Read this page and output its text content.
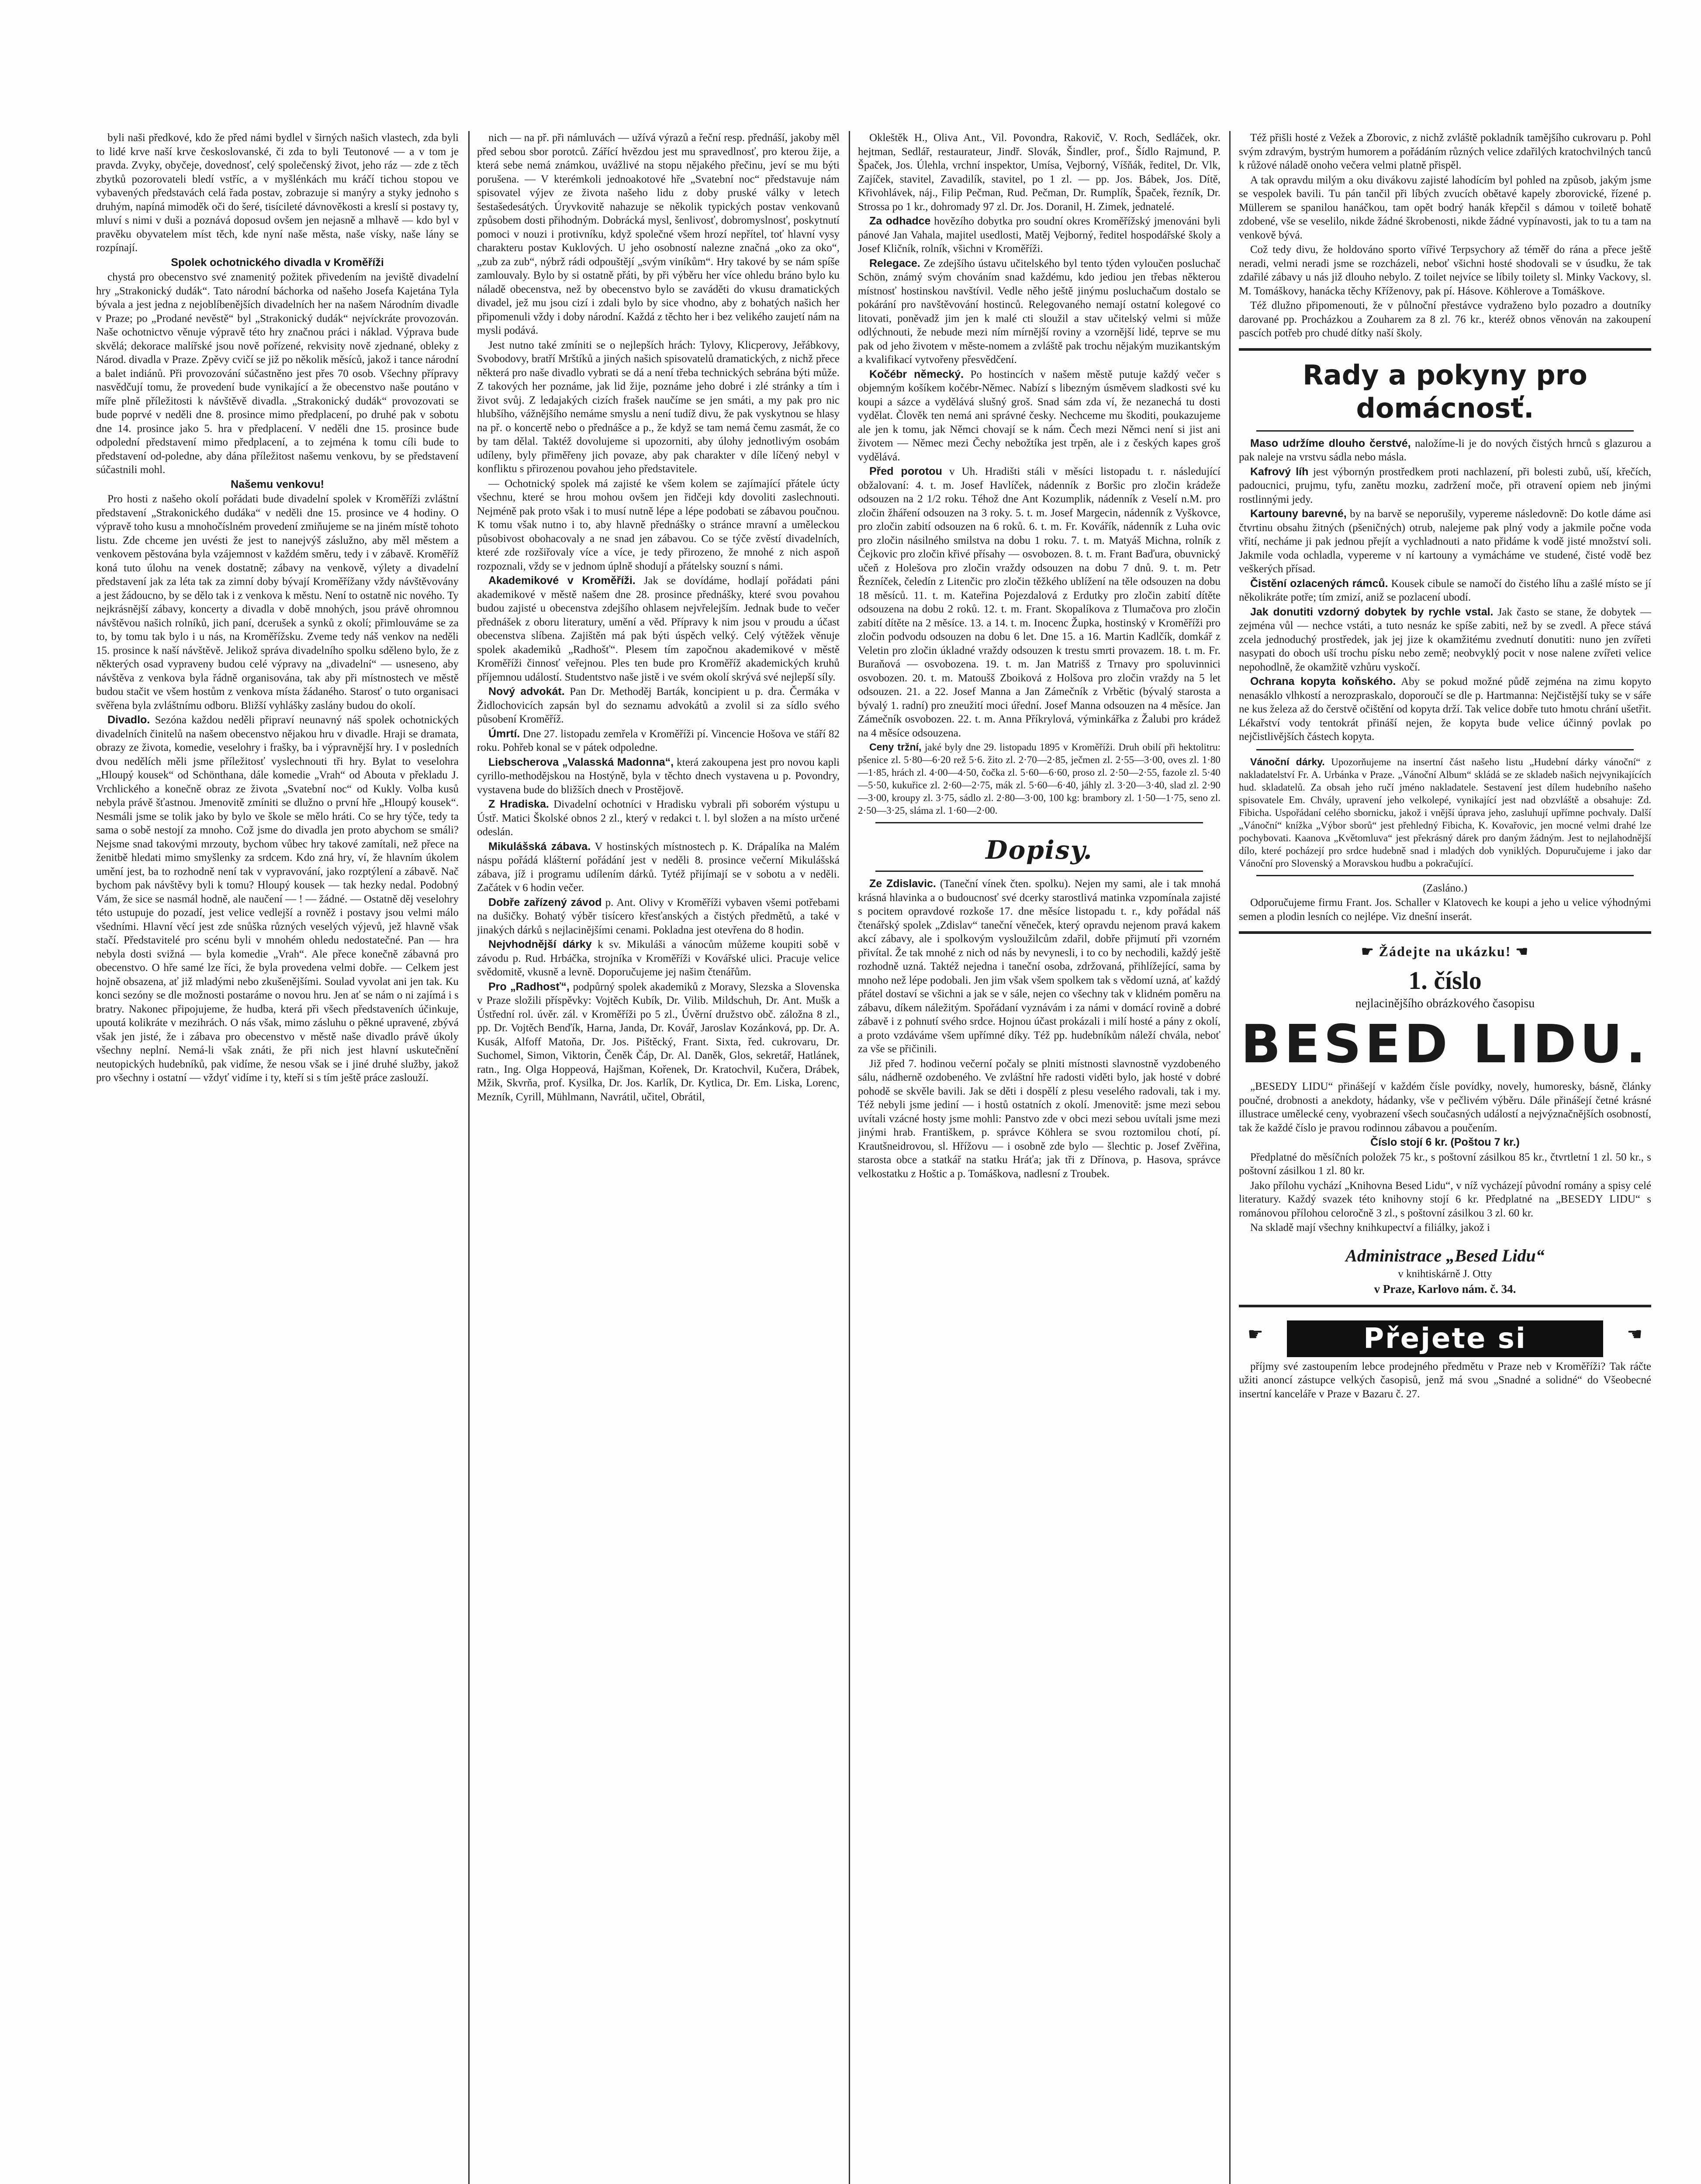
byli naši předkové, kdo že před námi bydlel v širných našich vlastech, zda byli to lidé krve naší krve českoslovanské, či zda to byli Teutonové — a v tom je pravda. Zvyky, obyčeje, dovednosť, celý společenský život, jeho ráz — zde z těch zbytků pozorovateli bledí vstříc, a v myšlénkách mu kráčí tichou stopou ve vybavených představách celá řada postav, zobrazuje si manýry a styky jednoho s druhým, napíná mimoděk oči do šeré, tisícileté dávnověkosti a kreslí si postavy ty, mluví s nimi v duši a poznává doposud ovšem jen nejasně a mlhavě — kdo byl v pravěku obyvatelem míst těch, kde nyní naše města, naše vísky, naše lány se rozpínají.

Spolek ochotnického divadla v Kroměříži

chystá pro obecenstvo své znamenitý požitek přivedením na jeviště divadelní hry „Strakonický dudák“. Tato národní báchorka od našeho Josefa Kajetána Tyla bývala a jest jedna z nejoblíbenějších divadelních her na našem Národním divadle v Praze; po „Prodané nevěstě“ byl „Strakonický dudák“ nejvíckráte provozován. Naše ochotnictvo věnuje výpravě této hry značnou práci i náklad. Výprava bude skvělá; dekorace malířské jsou nově pořízené, rekvisity nově zjednané, obleky z Národ. divadla v Praze. Zpěvy cvičí se již po několik měsíců, jakož i tance národní a balet indiánů. Při provozování súčastněno jest přes 70 osob. Všechny přípravy nasvědčují tomu, že provedení bude vynikající a že obecenstvo naše poutáno v míře plně příležitosti k návštěvě divadla. „Strakonický dudák“ provozovati se bude poprvé v neděli dne 8. prosince mimo předplacení, po druhé pak v sobotu dne 14. prosince jako 5. hra v předplacení. V neděli dne 15. prosince bude odpolední představení mimo předplacení, a to zejména k tomu cíli bude to představení od-poledne, aby dána příležitost našemu venkovu, by se představení súčastnili mohl.

Našemu venkovu!

Pro hosti z našeho okolí pořádati bude divadelní spolek v Kroměříži zvláštní představení „Strakonického dudáka“ v neděli dne 15. prosince ve 4 hodiny. O výpravě toho kusu a mnohočíslném provedení zmiňujeme se na jiném místě tohoto listu. Zde chceme jen uvésti že jest to nanejvýš záslužno, aby měl městem a venkovem pěstována byla vzájemnost v každém směru, tedy i v zábavě. Kroměříž koná tuto úlohu na venek dostatně; zábavy na venkově, výlety a divadelní představení jak za léta tak za zimní doby bývají Kroměřížany vždy návštěvovány a jest žádoucno, by se dělo tak i z venkova k městu. Není to ostatně nic nového. Ty nejkrásnější zábavy, koncerty a divadla v době mnohých, jsou právě ohromnou návštěvou našich rolníků, jich paní, dcerušek a synků z okolí; přimlouváme se za to, by tomu tak bylo i u nás, na Kroměřížsku. Zveme tedy náš venkov na neděli 15. prosince k naší návštěvě. Jelikož správa divadelního spolku sděleno bylo, že z některých osad vypraveny budou celé výpravy na „divadelní“ — usneseno, aby návštěva z venkova byla řádně organisována, tak aby při místnostech ve městě budou stačit ve všem hostům z venkova místa žádaného. Starosť o tuto organisaci svěřena byla zvláštnímu odboru. Bližší vyhlášky zaslány budou do okolí.

Divadlo. Sezóna každou neděli připraví neunavný náš spolek ochotnických divadelních činitelů na našem obecenstvo nějakou hru v divadle. Hraji se dramata, obrazy ze života, komedie, veselohry i frašky, ba i výpravnější hry. I v posledních dvou nedělích měli jsme příležitosť vyslechnouti tři hry. Bylat to veselohra „Hloupý kousek“ od Schönthana, dále komedie „Vrah“ od Abouta v překladu J. Vrchlického a konečně obraz ze života „Svatební noc“ od Kukly. Volba kusů nebyla právě šťastnou. Jmenovitě zmíniti se dlužno o první hře „Hloupý kousek“. Nesmáli jsme se tolik jako by bylo ve škole se mělo hráti. Co se hry týče, tedy ta sama o sobě nestojí za mnoho. Což jsme do divadla jen proto abychom se smáli? Nejsme snad takovými mrzouty, bychom vůbec hry takové zamítali, než přece na ženitbě hledati mimo smyšlenky za srdcem. Kdo zná hry, ví, že hlavním úkolem umění jest, ba to rozhodně není tak v vypravování, jako rozptýlení a zábavě. Nač bychom pak návštěvy byli k tomu? Hloupý kousek — tak hezky nedal. Podobný Vám, že sice se nasmál hodně, ale naučení — ! — žádné. — Ostatně děj veselohry této ustupuje do pozadí, jest velice vedlejší a rovněž i postavy jsou velmi málo všedními. Hlavní věcí jest zde snůška různých veselých výjevů, jež hlavně však stačí. Představitelé pro scénu byli v mnohém ohledu nedostatečné. Pan — hra nebyla dosti svižná — byla komedie „Vrah“. Ale přece konečně zábavná pro obecenstvo. O hře samé lze říci, že byla provedena velmi dobře. — Celkem jest hojně obsazena, ať již mladými nebo zkušenějšími. Soulad vyvolat ani jen tak. Ku konci sezóny se dle možnosti postaráme o novou hru. Jen ať se nám o ni zajímá i s bratry. Nakonec připojujeme, že hudba, která při všech představeních účinkuje, upoutá kolikráte v mezihrách. O nás však, mimo zásluhu o pěkné upravené, zbývá však jen jisté, že i zábava pro obecenstvo v městě naše divadlo právě úkoly všechny neplní. Nemá-li však znáti, že při nich jest hlavní uskutečnění neutopických hudebníků, pak vidíme, že nesou však se i jiné druhé služby, jakož pro všechny i ostatní — vždyť vidíme i ty, kteří si s tím ještě práce zaslouží.

nich — na př. při námluvách — užívá výrazů a řeční resp. přednáší, jakoby měl před sebou sbor porotců. Zářící hvězdou jest mu spravedlnosť, pro kterou žije, a která sebe nemá známkou, uvážlivé na stopu nějakého přečinu, jeví se mu býti porušena. — V kterémkoli jednoakotové hře „Svatební noc“ představuje nám spisovatel výjev ze života našeho lidu z doby pruské války v letech šestašedesátých. Úryvkovitě nahazuje se několik typických postav venkovanů způsobem dosti přihodným. Dobrácká mysl, šenlivosť, dobromyslnosť, poskytnutí pomoci v nouzi i protivníku, když společné všem hrozí nepřítel, toť hlavní vysy charakteru postav Kuklových. U jeho osobností nalezne značná „oko za oko“, „zub za zub“, nýbrž rádi odpouštějí „svým viníkům“. Hry takové by se nám spíše zamlouvaly. Bylo by si ostatně přáti, by při výběru her více ohledu bráno bylo ku náladě obecenstva, než by obecenstvo bylo se zaváděti do vkusu dramatických divadel, jež mu jsou cizí i zdali bylo by sice vhodno, aby z bohatých našich her připomenuli vždy i doby národní. Každá z těchto her i bez velikého zaujetí nám na mysli podává.

Jest nutno také zmíniti se o nejlepších hrách: Tylovy, Klicperovy, Jeřábkovy, Svobodovy, bratří Mrštíků a jiných našich spisovatelů dramatických, z nichž přece některá pro naše divadlo vybrati se dá a není třeba technických sebrána býti může. Z takových her poznáme, jak lid žije, poznáme jeho dobré i zlé stránky a tím i život svůj. Z ledajakých cizích frašek naučíme se jen smáti, a my pak pro nic hlubšího, vážnějšího nemáme smyslu a není tudíž divu, že pak vyskytnou se hlasy na př. o koncertě nebo o přednášce a p., že když se tam nemá čemu zasmát, že co by tam dělal. Taktéž dovolujeme si upozorniti, aby úlohy jednotlivým osobám udíleny, byly přiměřeny jich povaze, aby pak charakter v díle líčený nebyl v konfliktu s přirozenou povahou jeho představitele.

— Ochotnický spolek má zajisté ke všem kolem se zajímající přátele úcty všechnu, které se hrou mohou ovšem jen řidčeji kdy dovoliti zaslechnouti. Nejméně pak proto však i to musí nutně lépe a lépe podobati se zábavou poučnou. K tomu však nutno i to, aby hlavně přednášky o stránce mravní a uměleckou působivost obohacovaly a ne snad jen zábavou. Co se týče zvěstí divadelních, které zde rozšiřovaly více a více, je tedy přirozeno, že mnohé z nich aspoň rozpoznali, vždy se v jednom úplně shodují a přátelsky souzní s námi.

Akademikové v Kroměříži. Jak se dovídáme, hodlají pořádati páni akademikové v městě našem dne 28. prosince přednášky, které svou povahou budou zajisté u obecenstva zdejšího ohlasem nejvřelejším. Jednak bude to večer přednášek z oboru literatury, umění a věd. Přípravy k nim jsou v proudu a účast obecenstva slíbena. Zajištěn má pak býti úspěch velký. Celý výtěžek věnuje spolek akademiků „Radhošť“. Plesem tím započnou akademikové v městě Kroměříži činnosť veřejnou. Ples ten bude pro Kroměříž akademických kruhů příjemnou událostí. Studentstvo naše jistě i ve svém okolí skrývá své nejlepší síly.

Nový advokát. Pan Dr. Methoděj Barták, koncipient u p. dra. Čermáka v Židlochovicích zapsán byl do seznamu advokátů a zvolil si za sídlo svého působení Kroměříž.

Úmrtí. Dne 27. listopadu zemřela v Kroměříži pí. Vincencie Hošova ve stáří 82 roku. Pohřeb konal se v pátek odpoledne.

Liebscherova „Valasská Madonna“, která zakoupena jest pro novou kapli cyrillo-methodějskou na Hostýně, byla v těchto dnech vystavena u p. Povondry, vystavena bude do bližších dnech v Prostějově.

Z Hradiska. Divadelní ochotníci v Hradisku vybrali při soborém výstupu u Ústř. Matici Školské obnos 2 zl., který v redakci t. l. byl složen a na místo určené odeslán.

Mikulášská zábava. V hostinských místnostech p. K. Drápalíka na Malém náspu pořádá klášterní pořádání jest v neděli 8. prosince večerní Mikulášská zábava, jíž i programu udílením dárků. Tytéž přijímají se v sobotu a v neděli. Začátek v 6 hodin večer.

Dobře zařízený závod p. Ant. Olivy v Kroměříži vybaven všemi potřebami na dušičky. Bohatý výběr tisícero křesťanských a čistých předmětů, a také v jinakých dárků s nejlacinějšími cenami. Pokladna jest otevřena do 8 hodin.

Nejvhodnější dárky k sv. Mikuláši a vánocům můžeme koupiti sobě v závodu p. Rud. Hrbáčka, strojníka v Kroměříži v Kovářské ulici. Pracuje velice svědomitě, vkusně a levně. Doporučujeme jej našim čtenářům.

Pro „Radhosť“, podpůrný spolek akademiků z Moravy, Slezska a Slovenska v Praze složili příspěvky: Vojtěch Kubík, Dr. Vilib. Mildschuh, Dr. Ant. Mušk a Ústřední rol. úvěr. zál. v Kroměříži po 5 zl., Úvěrní družstvo obč. záložna 8 zl., pp. Dr. Vojtěch Benďík, Harna, Janda, Dr. Kovář, Jaroslav Kozánková, pp. Dr. A. Kusák, Alfoff Matoňa, Dr. Jos. Pištěcký, Frant. Sixta, řed. cukrovaru, Dr. Suchomel, Simon, Viktorin, Čeněk Čáp, Dr. Al. Daněk, Glos, sekretář, Hatlánek, ratn., Ing. Olga Hoppeová, Hajšman, Kořenek, Dr. Kratochvil, Kučera, Drábek, Mžik, Skvrňa, prof. Kysilka, Dr. Jos. Karlík, Dr. Kytlica, Dr. Em. Liska, Lorenc, Mezník, Cyrill, Mühlmann, Navrátil, učitel, Obrátil,

Okleštěk H., Oliva Ant., Vil. Povondra, Rakovič, V. Roch, Sedláček, okr. hejtman, Sedlář, restaurateur, Jindř. Slovák, Šindler, prof., Šídlo Rajmund, P. Špaček, Jos. Úlehla, vrchní inspektor, Umísa, Vejborný, Víšňák, ředitel, Dr. Vlk, Zajíček, stavitel, Zavadilík, stavitel, po 1 zl. — pp. Jos. Bábek, Jos. Dítě, Křivohlávek, náj., Filip Pečman, Rud. Pečman, Dr. Rumplík, Špaček, řezník, Dr. Strossa po 1 kr., dohromady 97 zl. Dr. Jos. Doranil, H. Zimek, jednatelé.

Za odhadce hovězího dobytka pro soudní okres Kroměřížský jmenováni byli pánové Jan Vahala, majitel usedlosti, Matěj Vejborný, ředitel hospodářské školy a Josef Kličník, rolník, všichni v Kroměříži.

Relegace. Ze zdejšího ústavu učitelského byl tento týden vyloučen posluchač Schön, známý svým chováním snad každému, kdo jediou jen třebas některou místnosť hostinskou navštívil. Vedle něho ještě jinýmu posluchačum dostalo se pokárání pro navštěvování hostinců. Relegovaného nemají ostatní kolegové co litovati, poněvadž jim jen k malé cti sloužil a stav učitelský velmi si může odlýchnouti, že nebude mezi ním mírnější roviny a vzornější lidé, teprve se mu pak od jeho životem v měste-nomem a zvláště pak trochu nějakým muzikantským a kvalifikací vytvořeny přesvědčení.

Kočébr německý. Po hostincích v našem městě putuje každý večer s objemným košíkem kočébr-Němec. Nabízí s libezným úsměvem sladkosti své ku koupi a sázce a vydělává slušný groš. Snad sám zda ví, že nezanechá tu dosti vydělat. Člověk ten nemá ani správné česky. Nechceme mu škoditi, poukazujeme ale jen k tomu, jak Němci chovají se k nám. Čech mezi Němci není si jist ani životem — Němec mezi Čechy nebožtíka jest trpěn, ale i z českých kapes groš vydělává.

Před porotou v Uh. Hradišti stáli v měsíci listopadu t. r. následující obžalovaní: 4. t. m. Josef Havlíček, nádenník z Boršic pro zločin krádeže odsouzen na 2 1/2 roku. Téhož dne Ant Kozumplik, nádenník z Veselí n.M. pro zločin žháření odsouzen na 3 roky. 5. t. m. Josef Margecin, nádenník z Vyškovce, pro zločin zabití odsouzen na 6 roků. 6. t. m. Fr. Kovářík, nádenník z Luha ovic pro zločin násilného smilstva na dobu 1 roku. 7. t. m. Matyáš Michna, rolník z Čejkovic pro zločin křivé přísahy — osvobozen. 8. t. m. Frant Baďura, obuvnický učeň z Holešova pro zločin vraždy odsouzen na dobu 7 dnů. 9. t. m. Petr Řezníček, čeledín z Litenčic pro zločin těžkého ublížení na těle odsouzen na dobu 18 měsíců. 11. t. m. Kateřina Pojezdalová z Erdutky pro zločin zabití dítěte odsouzena na dobu 2 roků. 12. t. m. Frant. Skopalíkova z Tlumačova pro zločin zabití dítěte na 2 měsíce. 13. a 14. t. m. Inocenc Župka, hostinský v Kroměříži pro zločin podvodu odsouzen na dobu 6 let. Dne 15. a 16. Martin Kadlčík, domkář z Veletin pro zločin úkladné vraždy odsouzen k trestu smrti provazem. 18. t. m. Fr. Buraňová — osvobozena. 19. t. m. Jan Matrišš z Trnavy pro spoluvinnici osvobozen. 20. t. m. Matoušš Zboiková z Holšova pro zločin vraždy na 5 let odsouzen. 21. a 22. Josef Manna a Jan Zámečník z Vrbětic (bývalý starosta a bývalý 1. radní) pro zneužití moci úřední. Josef Manna odsouzen na 4 měsíce. Jan Zámečník osvobozen. 22. t. m. Anna Příkrylová, výminkářka z Žalubi pro krádež na 4 měsíce odsouzena.

Ceny tržní, jaké byly dne 29. listopadu 1895 v Kroměříži. Druh obilí při hektolitru: pšenice zl. 5·80—6·20 rež 5·6. žito zl. 2·70—2·85, ječmen zl. 2·55—3·00, oves zl. 1·80—1·85, hrách zl. 4·00—4·50, čočka zl. 5·60—6·60, proso zl. 2·50—2·55, fazole zl. 5·40—5·50, kukuřice zl. 2·60—2·75, mák zl. 5·60—6·40, jáhly zl. 3·20—3·40, slad zl. 2·90—3·00, kroupy zl. 3·75, sádlo zl. 2·80—3·00, 100 kg: brambory zl. 1·50—1·75, seno zl. 2·50—3·25, sláma zl. 1·60—2·00.

Dopisy.

Ze Zdislavic. (Taneční vínek čten. spolku). Nejen my sami, ale i tak mnohá krásná hlavinka a o budoucnosť své dcerky starostlivá matinka vzpomínala zajisté s pocitem opravdové rozkoše 17. dne měsíce listopadu t. r., kdy pořádal náš čtenářský spolek „Zdislav“ taneční věneček, který opravdu nejenom pravá kakem akcí zábavy, ale i spolkovým vysloužilcům zdařil, dobře přijmutí při vzorném přivítal. Že tak mnohé z nich od nás by nevynesli, i to co by nechodili, každý ještě rozhodně uzná. Taktéž nejedna i taneční osoba, zdržovaná, přihlížející, sama by mnoho než lépe podobali. Jen jim však všem spolkem tak s vědomí uzná, ať každý přátel dostaví se všichni a jak se v sále, nejen co všechny tak v klidném poměru na zábavu, díkem náležitým. Spořádaní vyznávám i za námi v domácí rovině a dobré zábavě i z pohnutí svého srdce. Hojnou účast prokázali i milí hosté a pány z okolí, a proto vzdáváme všem upřímné díky. Též pp. hudebníkům náleží chvála, neboť za vše se přičinili.

Již před 7. hodinou večerní počaly se plniti místnosti slavnostně vyzdobeného sálu, nádherně ozdobeného. Ve zvláštní hře radosti viděti bylo, jak hosté v dobré pohodě se skvěle bavili. Jak se děti i dospělí z plesu veselého radovali, tak i my. Též nebyli jsme jediní — i hostů ostatních z okolí. Jmenovitě: jsme mezi sebou uvítali vzácné hosty jsme mohli: Panstvo zde v obci mezi sebou uvítali jsme mezi jinými hrab. Františkem, p. správce Köhlera se svou roztomilou chotí, pí. Krautšneidrovou, sl. Hřížovu — i osobně zde bylo — šlechtic p. Josef Zvěřina, starosta obce a statkář na statku Hráťa; jak tři z Dřínova, p. Hasova, správce velkostatku z Hoštic a p. Tomáškova, nadlesní z Troubek.

Též přišli hosté z Vežek a Zborovic, z nichž zvláště pokladník tamějšího cukrovaru p. Pohl svým zdravým, bystrým humorem a pořádáním různých velice zdařilých kratochvilných tanců k růžové náladě onoho večera velmi platně přispěl.

A tak opravdu milým a oku divákovu zajisté lahodícím byl pohled na způsob, jakým jsme se vespolek bavili. Tu pán tančil při líbých zvucích obětavé kapely zborovické, řízené p. Müllerem se spanilou hanáčkou, tam opět bodrý hanák křepčil s dámou v toiletě bohatě zdobené, vše se veselilo, nikde žádné škrobenosti, nikde žádné vypínavosti, jak to tu a tam na venkově bývá.

Což tedy divu, že holdováno sporto vířivé Terpsychory až téměř do rána a přece ještě neradi, velmi neradi jsme se rozcházeli, neboť všichni hosté shodovali se v úsudku, že tak zdařilé zábavy u nás již dlouho nebylo. Z toilet nejvíce se líbily toilety sl. Minky Vackovy, sl. M. Tomáškovy, hanácka těchy Kříženovy, pak pí. Hásove. Köhlerove a Tomáškove.

Též dlužno připomenouti, že v půlnoční přestávce vydraženo bylo pozadro a doutníky darované pp. Procházkou a Zouharem za 8 zl. 76 kr., kteréž obnos věnován na zakoupení pascích potřeb pro chudé dítky naší školy.

Rady a pokyny pro domácnosť.

Maso udržíme dlouho čerstvé, naložíme-li je do nových čistých hrnců s glazurou a pak naleje na vrstvu sádla nebo másla.

Kafrový líh jest výbornýn prostředkem proti nachlazení, při bolesti zubů, uší, křečích, padoucnici, prujmu, tyfu, zanětu mozku, zadržení moče, při otravení opiem neb jinými rostlinnými jedy.

Kartouny barevné, by na barvě se neporušily, vypereme následovně: Do kotle dáme asi čtvrtinu obsahu žitných (pšeničných) otrub, nalejeme pak plný vody a jakmile počne voda vřití, necháme ji pak jednou přejít a vychladnouti a nato přidáme k vodě jisté množství soli. Jakmile voda ochladla, vypereme v ní kartouny a vymácháme ve studené, čisté vodě bez veškerých přísad.

Čistění ozlacených rámců. Kousek cibule se namočí do čistého líhu a zašlé místo se jí několikráte potře; tím zmizí, aniž se pozlacení ubodí.

Jak donutiti vzdorný dobytek by rychle vstal. Jak často se stane, že dobytek — zejména vůl — nechce vstáti, a tuto nesnáz ke spíše zabiti, než by se zvedl. A přece stává zcela jednoduchý prostředek, jak jej jize k okamžitému zvednutí donutiti: nuno jen zvířeti nasypati do oboch uší trochu písku nebo země; neobvyklý pocit v nose nalene zvířeti velice nepohodlně, že okamžitě vzhůru vyskočí.

Ochrana kopyta koňského. Aby se pokud možné půdě zejména na zimu kopyto nenasáklo vlhkostí a nerozpraskalo, doporoučí se dle p. Hartmanna: Nejčistější tuky se v sáře ne kus železa až do čerstvě očištění od kopyta drží. Tak velice dobře tuto hmotu chrání ušetřit. Lékařství vody tentokrát přináší nejen, že kopyta bude velice účinný povlak po nejčistlivějších částech kopyta.

Vánoční dárky. Upozorňujeme na insertní část našeho listu „Hudební dárky vánoční“ z nakladatelství Fr. A. Urbánka v Praze. „Vánoční Album“ skládá se ze skladeb našich nejvynikajících hud. skladatelů. Za obsah jeho ručí jméno nakladatele. Sestavení jest dílem hudebního našeho spisovatele Em. Chvály, upravení jeho velkolepé, vynikající jest nad obzvláště a obsahuje: Zd. Fibicha. Uspořádaní celého sbornicku, jakož i vnější úprava jeho, zasluhují upřímne pochvaly. Další „Vánoční“ knížka „Výbor sborů“ jest přehledný Fibicha, K. Kovařovic, jen mocné velmi drahé lze pochybovati. Kaanova „Květomluva“ jest překrásný dárek pro daným žádným. Jest to nejlahodnější dílo, které pocházejí pro srdce hudebně snad i mladých dob vyniklých. Dopuručujeme i jako dar Vánoční pro Slovenský a Moravskou hudbu a pokračující.

(Zasláno.)

Odporučujeme firmu Frant. Jos. Schaller v Klatovech ke koupi a jeho u velice výhodnými semen a plodin lesních co nejlépe. Viz dnešní inserát.

☛ Žádejte na ukázku! ☚
1. číslo
nejlacinějšího obrázkového časopisu
BESED LIDU.

„BESEDY LIDU“ přinášejí v každém čísle povídky, novely, humoresky, básně, články poučné, drobnosti a anekdoty, hádanky, vše v pečlivém výběru. Dále přinášejí četné krásné illustrace umělecké ceny, vyobrazení všech současných událostí a nejvýznačnějších osobností, tak že každé číslo je pravou rodinnou zábavou a poučením.

Číslo stojí 6 kr. (Poštou 7 kr.)

Předplatné do měsíčních položek 75 kr., s poštovní zásilkou 85 kr., čtvrtletní 1 zl. 50 kr., s poštovní zásilkou 1 zl. 80 kr.

Jako přílohu vychází „Knihovna Besed Lidu“, v níž vycházejí původní romány a spisy celé literatury. Každý svazek této knihovny stojí 6 kr. Předplatné na „BESEDY LIDU“ s románovou přílohou celoročně 3 zl., s poštovní zásilkou 3 zl. 60 kr.

Na skladě mají všechny knihkupectví a filiálky, jakož i

Administrace „Besed Lidu“
v knihtiskárně J. Otty
v Praze, Karlovo nám. č. 34.
☛	Přejete si	☚

příjmy své zastoupením lebce prodejného předmětu v Praze neb v Kroměříži? Tak ráčte užiti anoncí zástupce velkých časopisů, jenž má svou „Snadné a solidné“ do Všeobecné insertní kanceláře v Praze v Bazaru č. 27.
